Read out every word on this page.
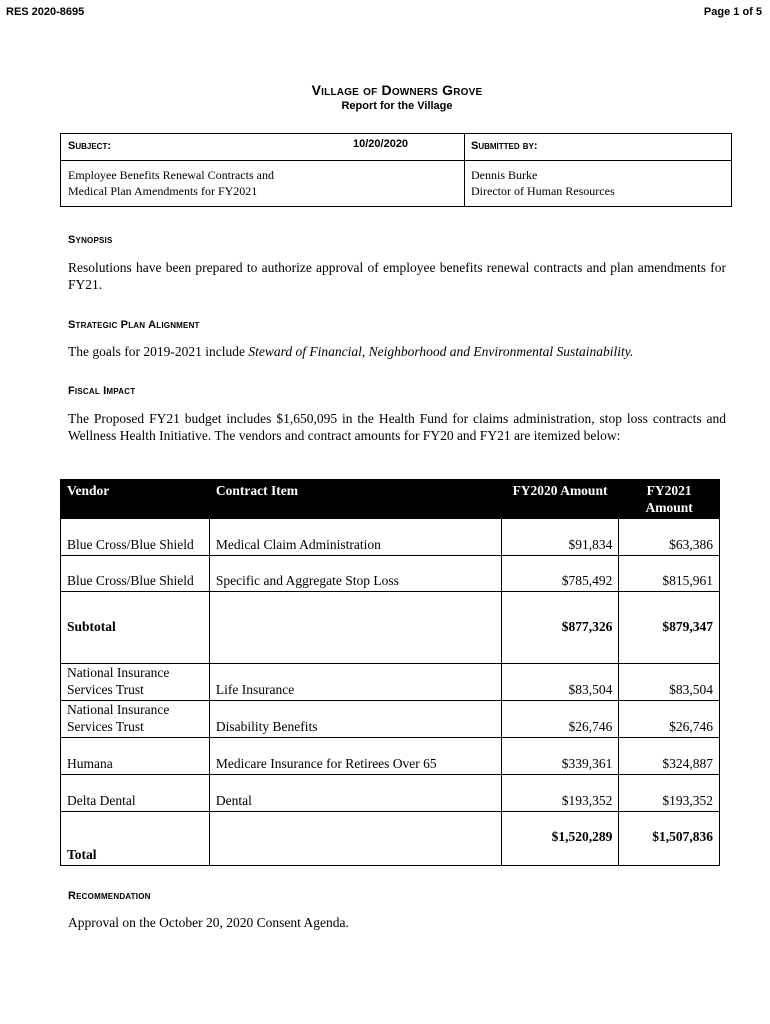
RES 2020-8695	Page 1 of 5
Village of Downers Grove
Report for the Village
Subject:	10/20/2020	Submitted by:
Employee Benefits Renewal Contracts and
Medical Plan Amendments for FY2021
Dennis Burke
Director of Human Resources
Synopsis
Resolutions have been prepared to authorize approval of employee benefits renewal contracts and plan amendments for FY21.
Strategic Plan Alignment
The goals for 2019-2021 include Steward of Financial, Neighborhood and Environmental Sustainability.
Fiscal Impact
The Proposed FY21 budget includes $1,650,095 in the Health Fund for claims administration, stop loss contracts and Wellness Health Initiative. The vendors and contract amounts for FY20 and FY21 are itemized below:
Vendor	Contract Item	FY2020 Amount	FY2021 Amount
Blue Cross/Blue Shield	Medical Claim Administration	$91,834	$63,386
Blue Cross/Blue Shield	Specific and Aggregate Stop Loss	$785,492	$815,961
Subtotal		$877,326	$879,347
National Insurance Services Trust	Life Insurance	$83,504	$83,504
National Insurance Services Trust	Disability Benefits	$26,746	$26,746
Humana	Medicare Insurance for Retirees Over 65	$339,361	$324,887
Delta Dental	Dental	$193,352	$193,352
Total		$1,520,289	$1,507,836
Recommendation
Approval on the October 20, 2020 Consent Agenda.
